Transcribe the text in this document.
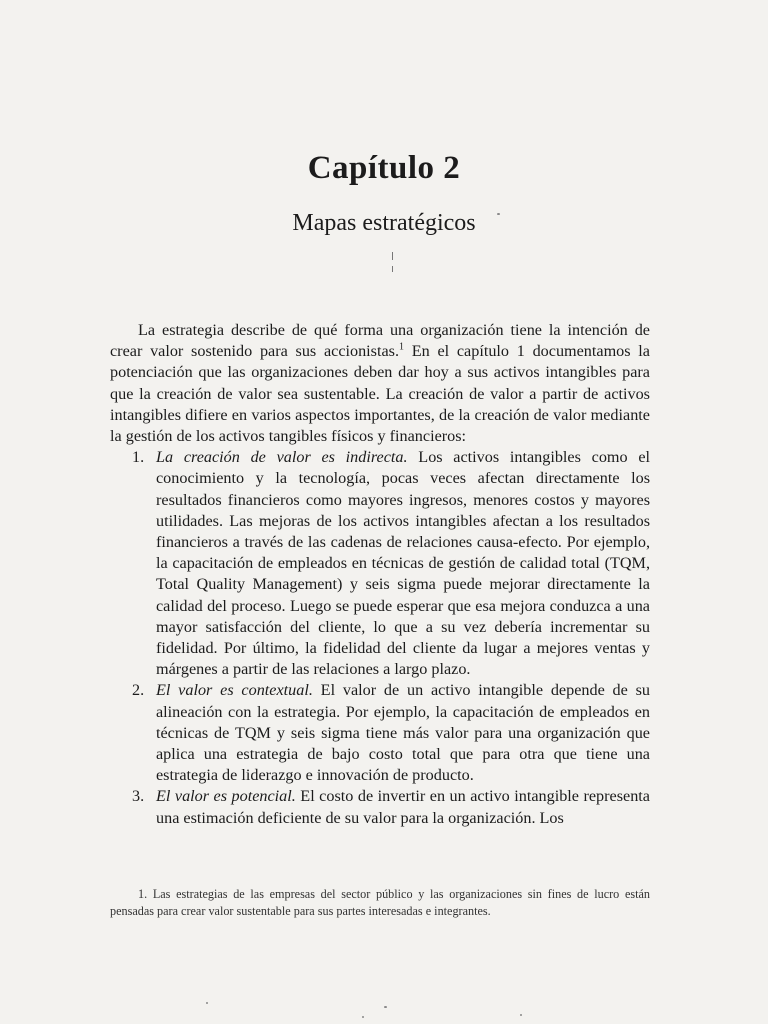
Capítulo 2
Mapas estratégicos

La estrategia describe de qué forma una organización tiene la intención de crear valor sostenido para sus accionistas.$^1$ En el capítulo 1 documentamos la potenciación que las organizaciones deben dar hoy a sus activos intangibles para que la creación de valor sea sustentable. La creación de valor a partir de activos intangibles difiere en varios aspectos importantes, de la creación de valor mediante la gestión de los activos tangibles físicos y financieros:

1. La creación de valor es indirecta. Los activos intangibles como el conocimiento y la tecnología, pocas veces afectan directamente los resultados financieros como mayores ingresos, menores costos y mayores utilidades. Las mejoras de los activos intangibles afectan a los resultados financieros a través de las cadenas de relaciones causa-efecto. Por ejemplo, la capacitación de empleados en técnicas de gestión de calidad total (TQM, Total Quality Management) y seis sigma puede mejorar directamente la calidad del proceso. Luego se puede esperar que esa mejora conduzca a una mayor satisfacción del cliente, lo que a su vez debería incrementar su fidelidad. Por último, la fidelidad del cliente da lugar a mejores ventas y márgenes a partir de las relaciones a largo plazo.
2. El valor es contextual. El valor de un activo intangible depende de su alineación con la estrategia. Por ejemplo, la capacitación de empleados en técnicas de TQM y seis sigma tiene más valor para una organización que aplica una estrategia de bajo costo total que para otra que tiene una estrategia de liderazgo e innovación de producto.
3. El valor es potencial. El costo de invertir en un activo intangible representa una estimación deficiente de su valor para la organización. Los

1. Las estrategias de las empresas del sector público y las organizaciones sin fines de lucro están pensadas para crear valor sustentable para sus partes interesadas e integrantes.
